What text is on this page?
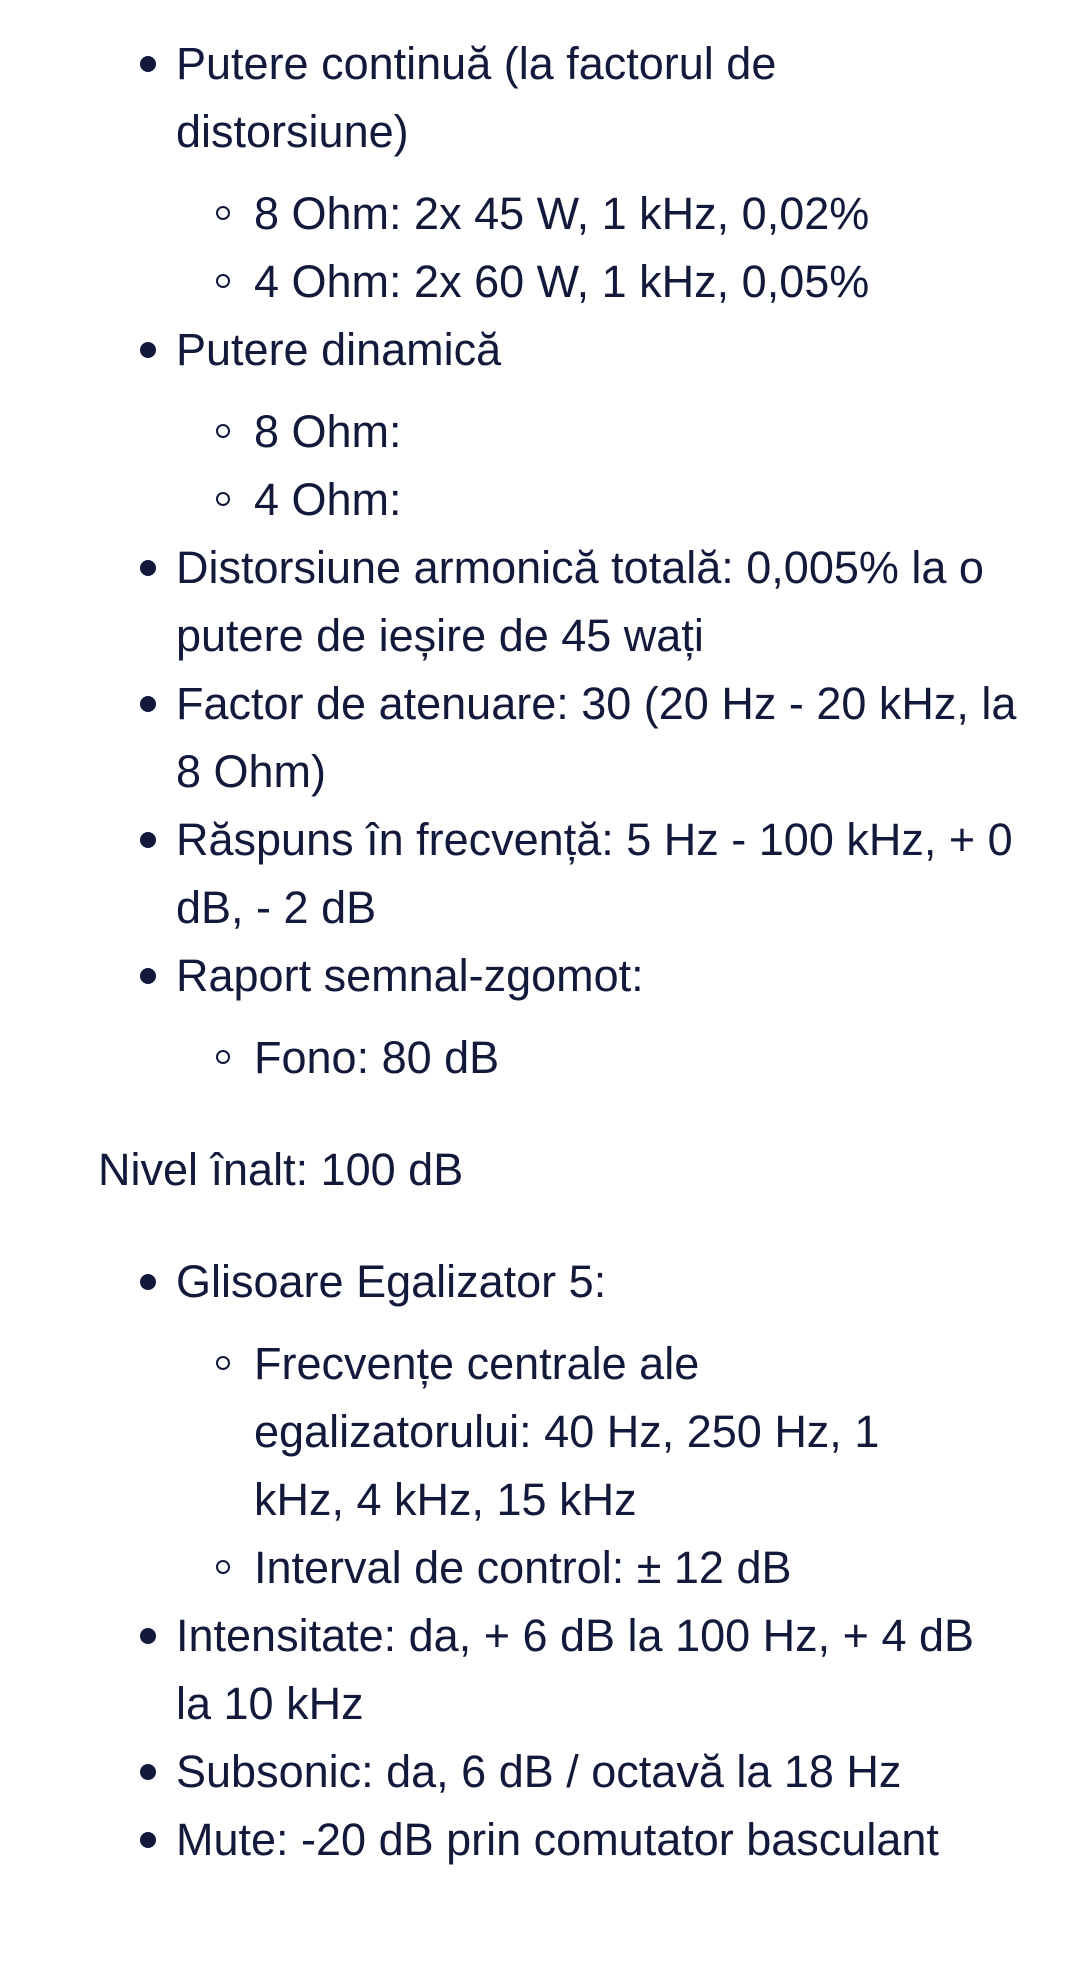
Putere continuă (la factorul de distorsiune)
8 Ohm: 2x 45 W, 1 kHz, 0,02%
4 Ohm: 2x 60 W, 1 kHz, 0,05%
Putere dinamică
8 Ohm:
4 Ohm:
Distorsiune armonică totală: 0,005% la o putere de ieșire de 45 wați
Factor de atenuare: 30 (20 Hz - 20 kHz, la 8 Ohm)
Răspuns în frecvență: 5 Hz - 100 kHz, + 0 dB, - 2 dB
Raport semnal-zgomot:
Fono: 80 dB

Nivel înalt: 100 dB

Glisoare Egalizator 5:
Frecvențe centrale ale egalizatorului: 40 Hz, 250 Hz, 1 kHz, 4 kHz, 15 kHz
Interval de control: ± 12 dB
Intensitate: da, + 6 dB la 100 Hz, + 4 dB la 10 kHz
Subsonic: da, 6 dB / octavă la 18 Hz
Mute: -20 dB prin comutator basculant
